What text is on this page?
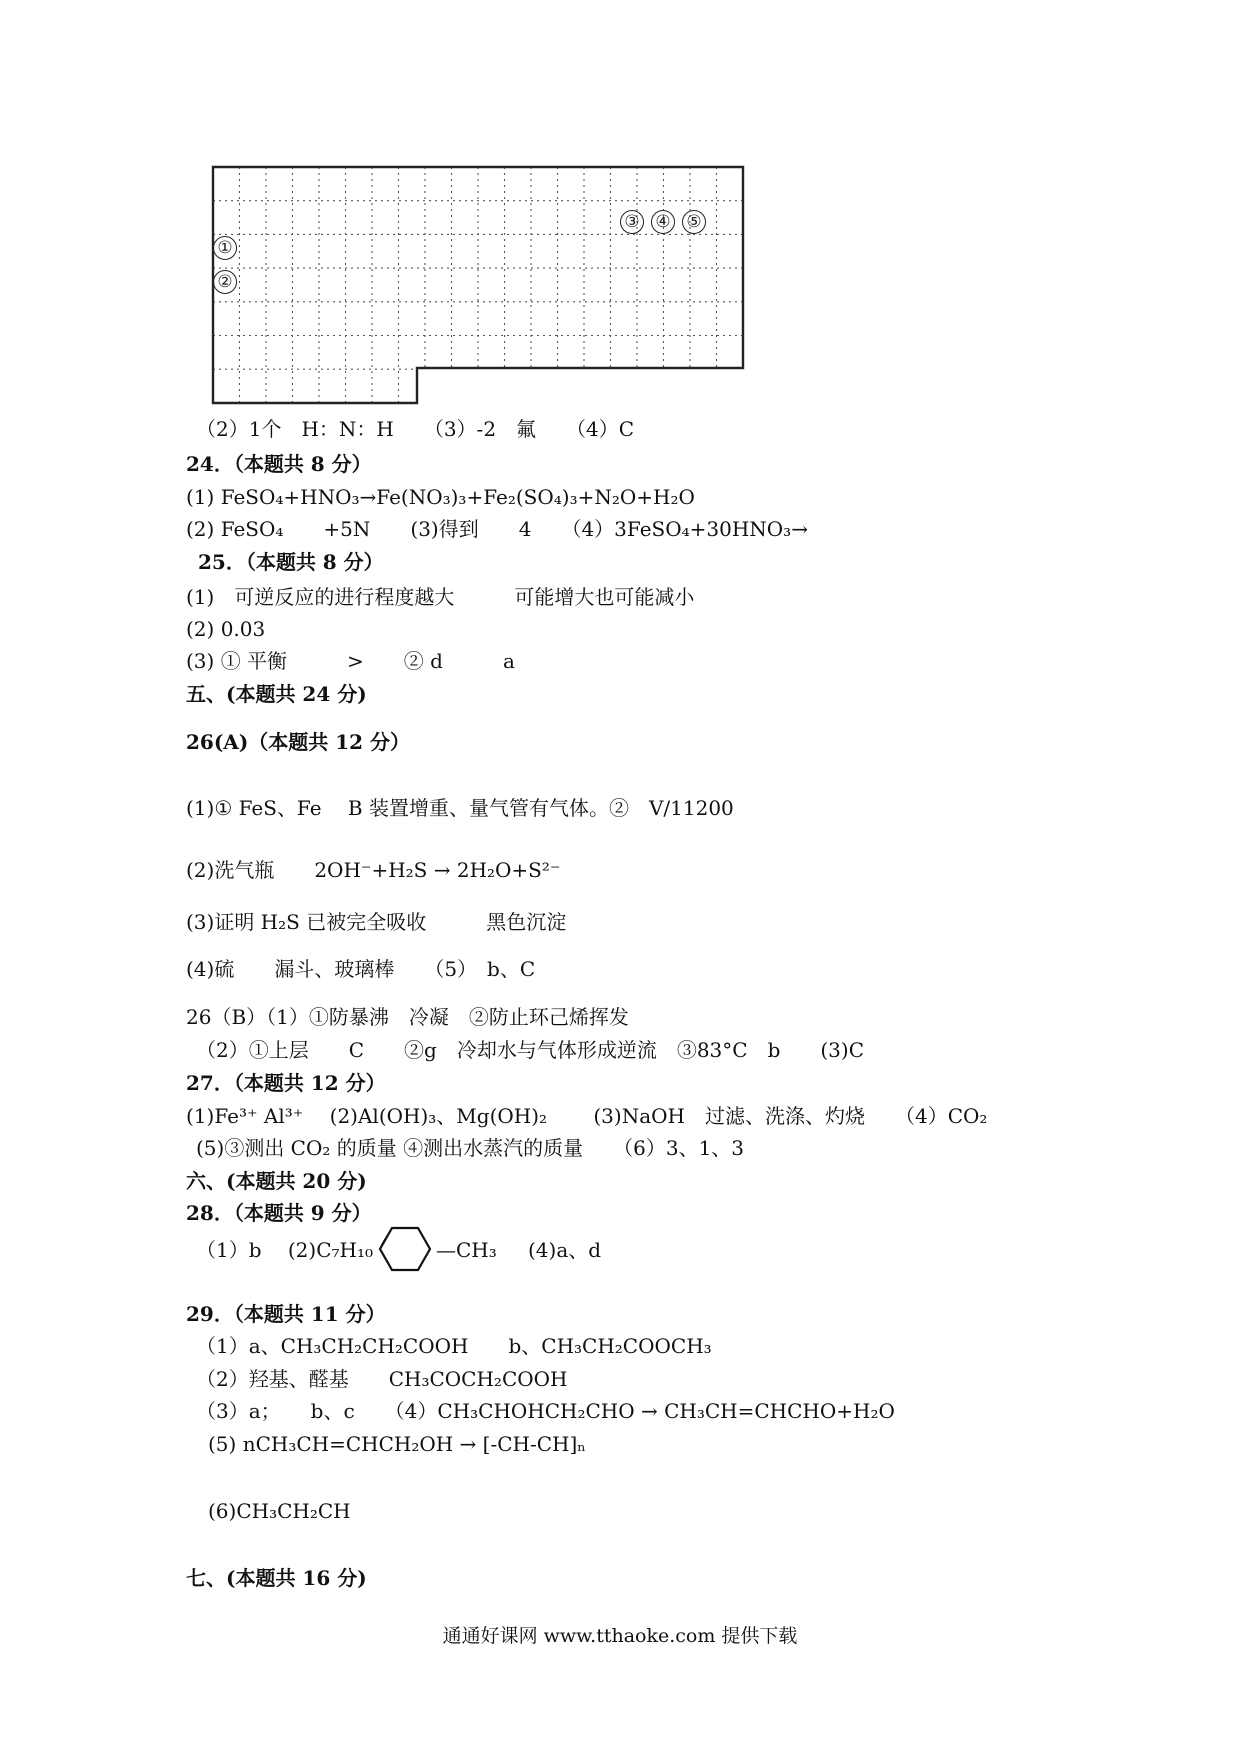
①
②
③ ④ ⑤
（2）1个　H：N：H　　（3）-2　氟　　（4）C
24．（本题共 8 分）
(1) FeSO₄+HNO₃→Fe(NO₃)₃+Fe₂(SO₄)₃+N₂O+H₂O
(2) FeSO₄　　+5N　　(3)得到　　4　　（4）3FeSO₄+30HNO₃→
25．（本题共 8 分）
(1)　可逆反应的进行程度越大　　　可能增大也可能减小
(2) 0.03
(3) ① 平衡　　　>　　② d　　　a
五、(本题共 24 分)
26(A)（本题共 12 分）
(1)① FeS、Fe　 B 装置增重、量气管有气体。②　V/11200
(2)洗气瓶　　2OH⁻+H₂S → 2H₂O+S²⁻
(3)证明 H₂S 已被完全吸收　　　黑色沉淀
(4)硫　　漏斗、玻璃棒　　（5）　b、C
26（B）（1）①防暴沸　冷凝　②防止环己烯挥发
（2）①上层　　C　　②g　冷却水与气体形成逆流　③83°C　b　　(3)C
27．（本题共 12 分）
(1)Fe³⁺ Al³⁺　 (2)Al(OH)₃、Mg(OH)₂　　 (3)NaOH　过滤、洗涤、灼烧　　（4）CO₂
(5)③测出 CO₂ 的质量 ④测出水蒸汽的质量　　（6）3、1、3
六、(本题共 20 分)
28．（本题共 9 分）
（1）b　 (2)C₇H₁₀	—CH₃ (4)a、d
29．（本题共 11 分）
（1）a、CH₃CH₂CH₂COOH　　b、CH₃CH₂COOCH₃
（2）羟基、醛基　　CH₃COCH₂COOH
（3）a；　　b、c　　（4）CH₃CHOHCH₂CHO → CH₃CH=CHCHO+H₂O
(5) nCH₃CH=CHCH₂OH → [-CH-CH]ₙ
(6)CH₃CH₂CH
七、(本题共 16 分)
通通好课网 www.tthaoke.com 提供下载
